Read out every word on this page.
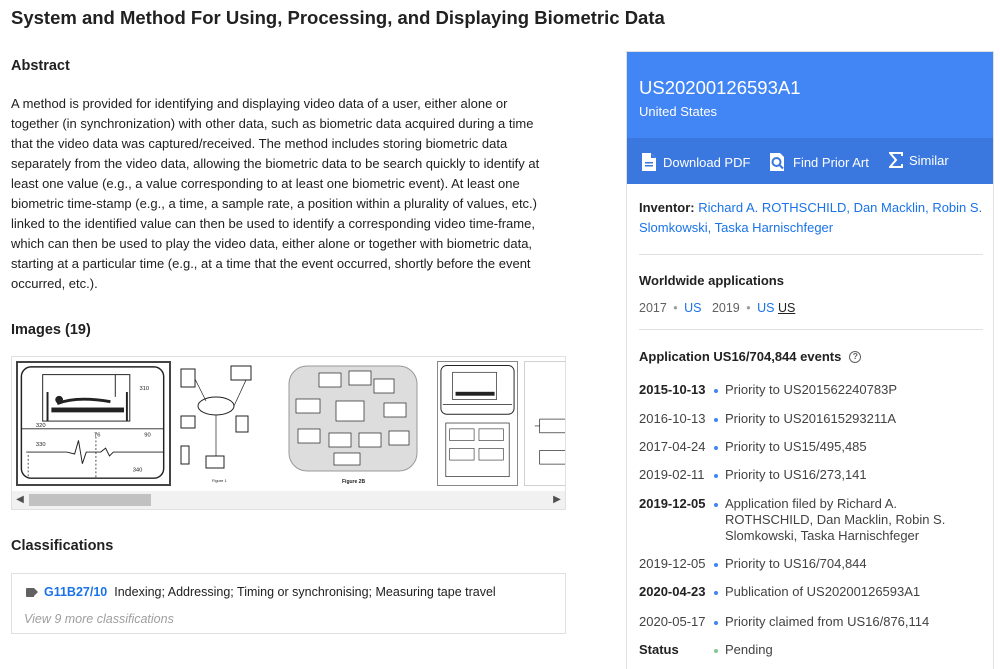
System and Method For Using, Processing, and Displaying Biometric Data
Abstract
A method is provided for identifying and displaying video data of a user, either alone or
together (in synchronization) with other data, such as biometric data acquired during a time
that the video data was captured/received. The method includes storing biometric data
separately from the video data, allowing the biometric data to be search quickly to identify at
least one value (e.g., a value corresponding to at least one biometric event). At least one
biometric time-stamp (e.g., a time, a sample rate, a position within a plurality of values, etc.)
linked to the identified value can then be used to identify a corresponding video time-frame,
which can then be used to play the video data, either alone or together with biometric data,
starting at a particular time (e.g., at a time that the event occurred, shortly before the event
occurred, etc.).
Images (19)
310
320
76	90
330
340
Figure 1	Figure 2B
◀	▶
Classifications
G11B27/10 Indexing; Addressing; Timing or synchronising; Measuring tape travel
View 9 more classifications
US20200126593A1
United States
Download PDF	Find Prior Art	Similar
Inventor: Richard A. ROTHSCHILD, Dan Macklin, Robin S. Slomkowski, Taska Harnischfeger
Worldwide applications
2017 • US 2019 • US US
Application US16/704,844 events	?
2015-10-13	Priority to US201562240783P
2016-10-13	Priority to US201615293211A
2017-04-24	Priority to US15/495,485
2019-02-11	Priority to US16/273,141
2019-12-05	Application filed by Richard A. ROTHSCHILD, Dan Macklin, Robin S. Slomkowski, Taska Harnischfeger
2019-12-05	Priority to US16/704,844
2020-04-23	Publication of US20200126593A1
2020-05-17	Priority claimed from US16/876,114
Status	Pending
